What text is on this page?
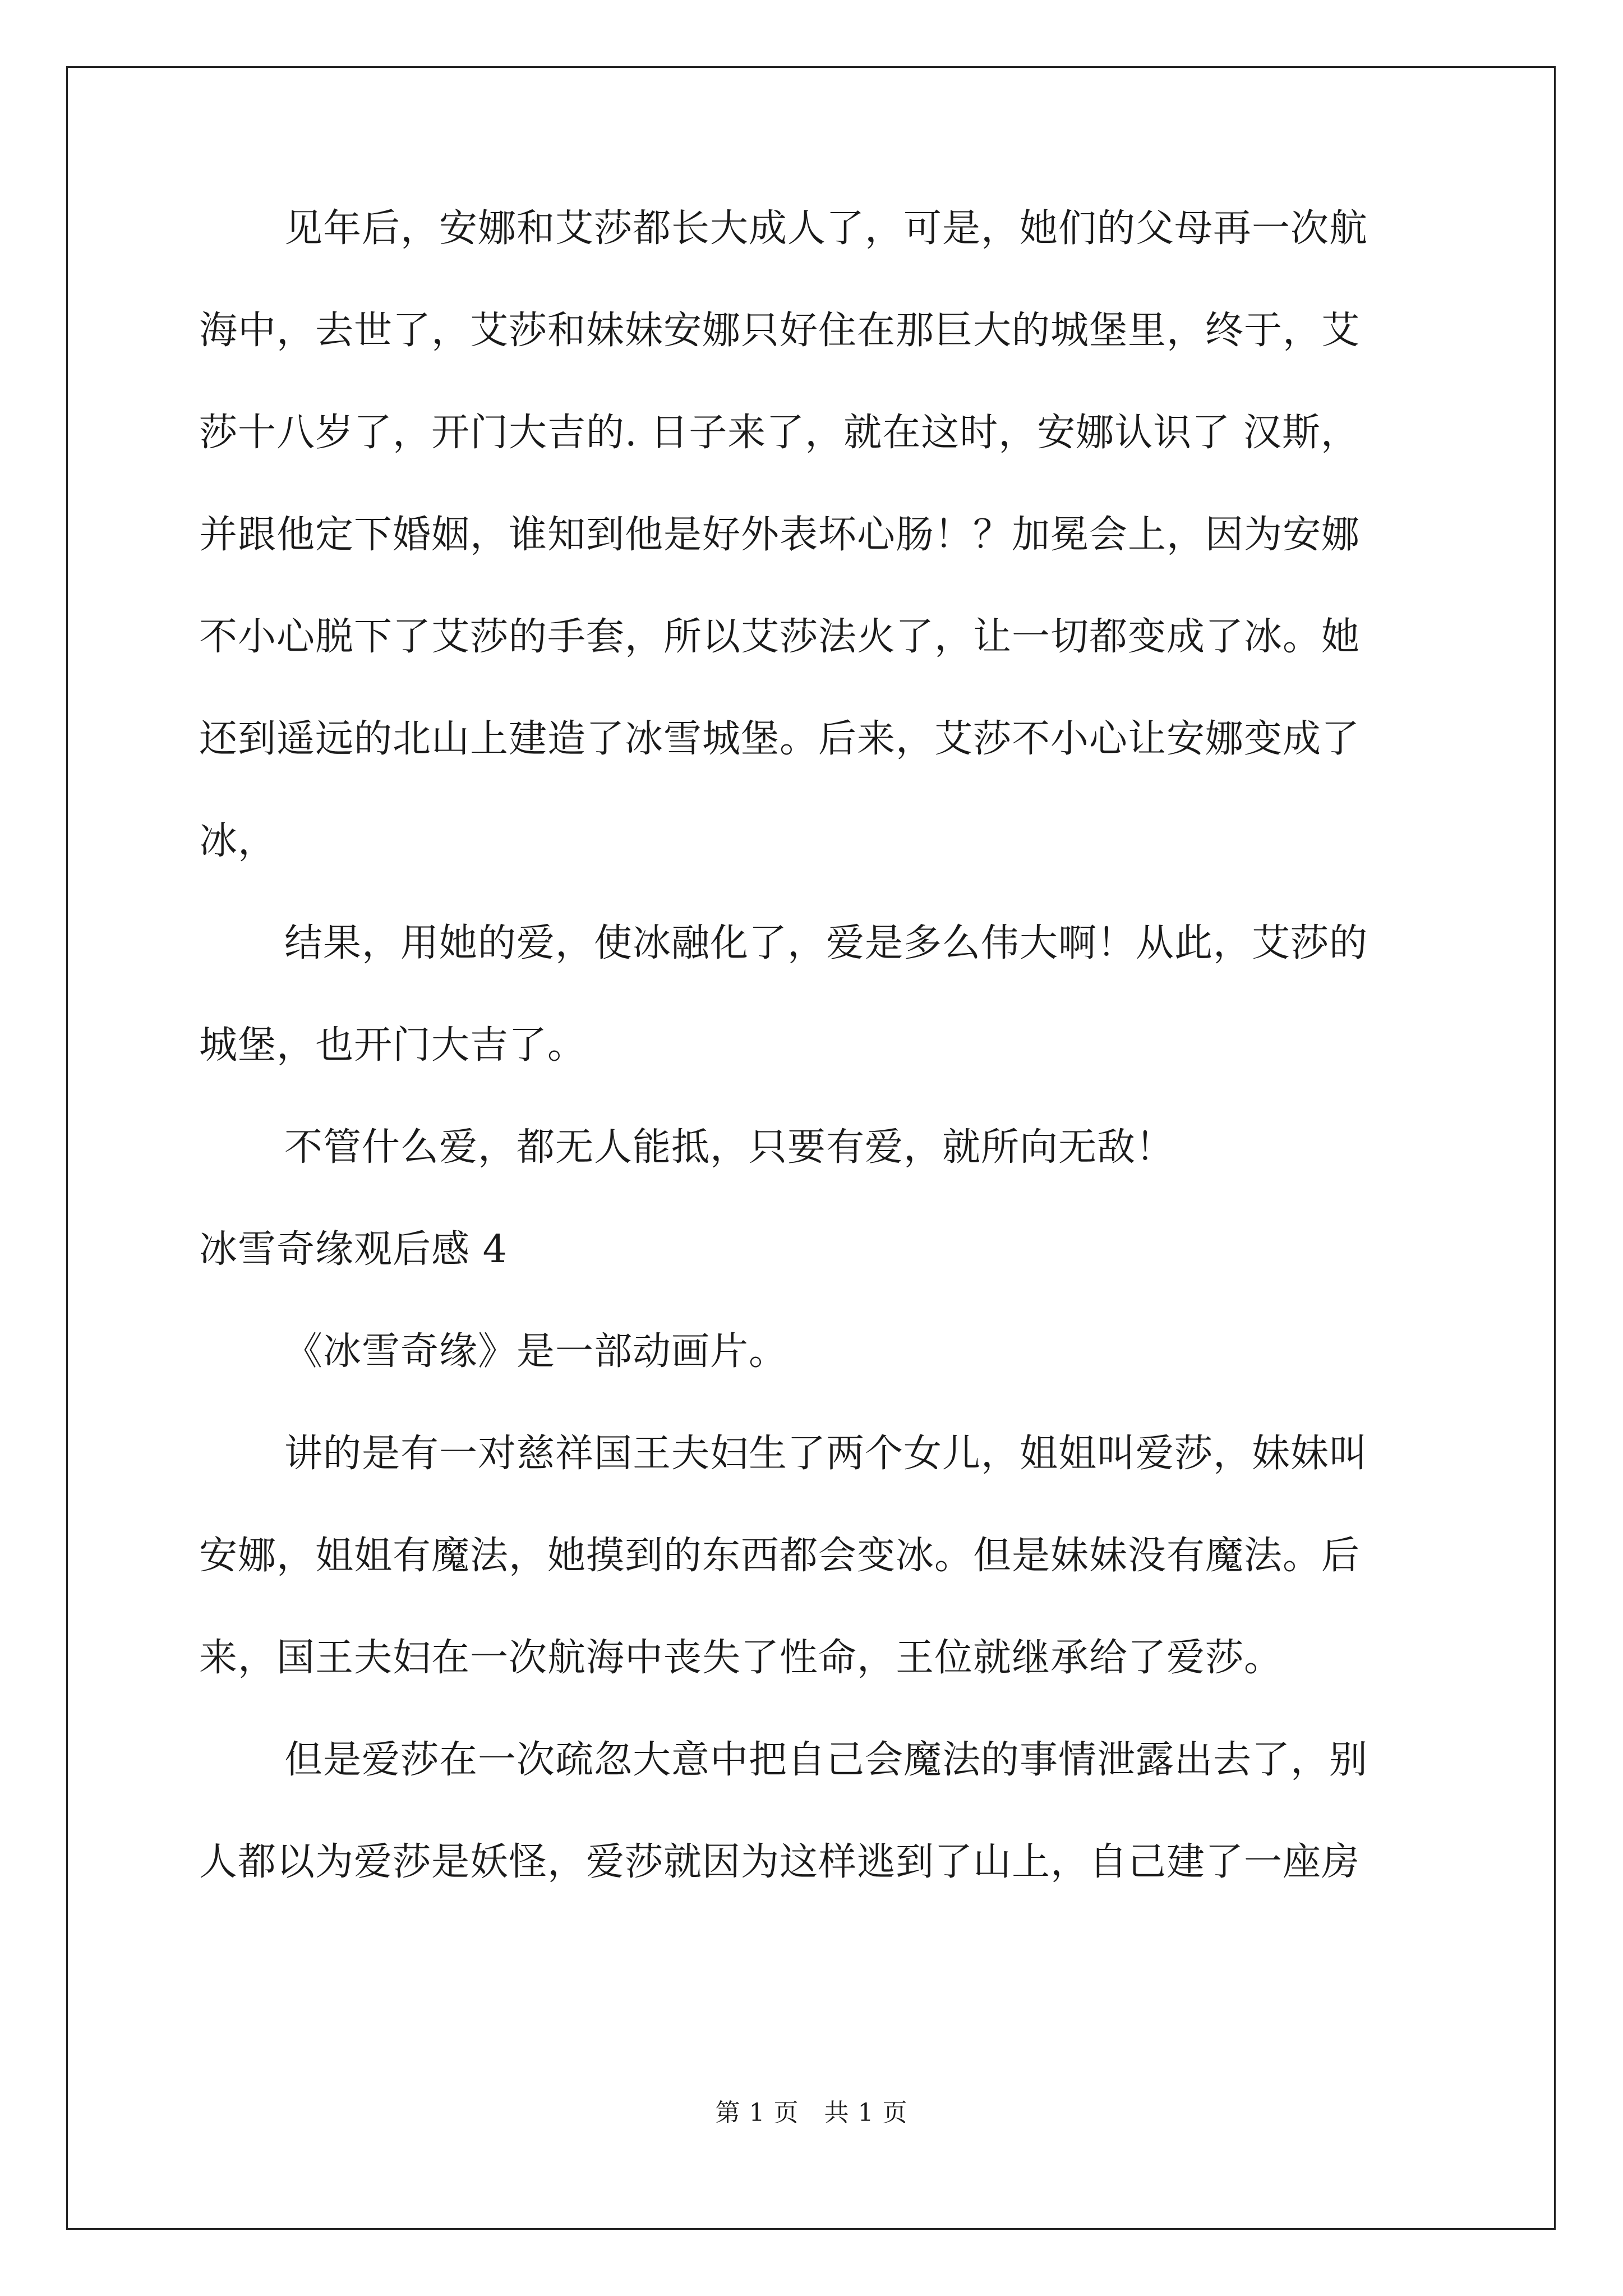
见年后，安娜和艾莎都长大成人了，可是，她们的父母再一次航
海中，去世了，艾莎和妹妹安娜只好住在那巨大的城堡里，终于，艾
莎十八岁了，开门大吉的. 日子来了，就在这时，安娜认识了 汉斯，
并跟他定下婚姻，谁知到他是好外表坏心肠！？加冕会上，因为安娜
不小心脱下了艾莎的手套，所以艾莎法火了，让一切都变成了冰。她
还到遥远的北山上建造了冰雪城堡。后来，艾莎不小心让安娜变成了
冰，
结果，用她的爱，使冰融化了，爱是多么伟大啊！从此，艾莎的
城堡，也开门大吉了。
不管什么爱，都无人能抵，只要有爱，就所向无敌！
冰雪奇缘观后感 4
《冰雪奇缘》是一部动画片。
讲的是有一对慈祥国王夫妇生了两个女儿，姐姐叫爱莎，妹妹叫
安娜，姐姐有魔法，她摸到的东西都会变冰。但是妹妹没有魔法。后
来，国王夫妇在一次航海中丧失了性命，王位就继承给了爱莎。
但是爱莎在一次疏忽大意中把自己会魔法的事情泄露出去了，别
人都以为爱莎是妖怪，爱莎就因为这样逃到了山上，自己建了一座房
第 1 页　共 1 页
